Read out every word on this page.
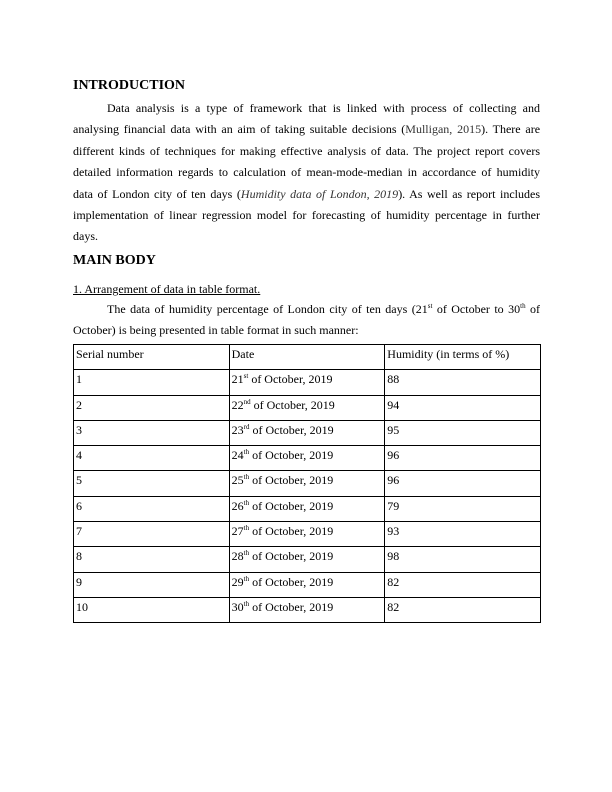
INTRODUCTION

Data analysis is a type of framework that is linked with process of collecting and analysing financial data with an aim of taking suitable decisions (Mulligan, 2015). There are different kinds of techniques for making effective analysis of data. The project report covers detailed information regards to calculation of mean-mode-median in accordance of humidity data of London city of ten days (Humidity data of London, 2019). As well as report includes implementation of linear regression model for forecasting of humidity percentage in further days.

MAIN BODY

1. Arrangement of data in table format.

The data of humidity percentage of London city of ten days (21st of October to 30th of October) is being presented in table format in such manner:

Serial number	Date	Humidity (in terms of %)
1	21st of October, 2019	88
2	22nd of October, 2019	94
3	23rd of October, 2019	95
4	24th of October, 2019	96
5	25th of October, 2019	96
6	26th of October, 2019	79
7	27th of October, 2019	93
8	28th of October, 2019	98
9	29th of October, 2019	82
10	30th of October, 2019	82
